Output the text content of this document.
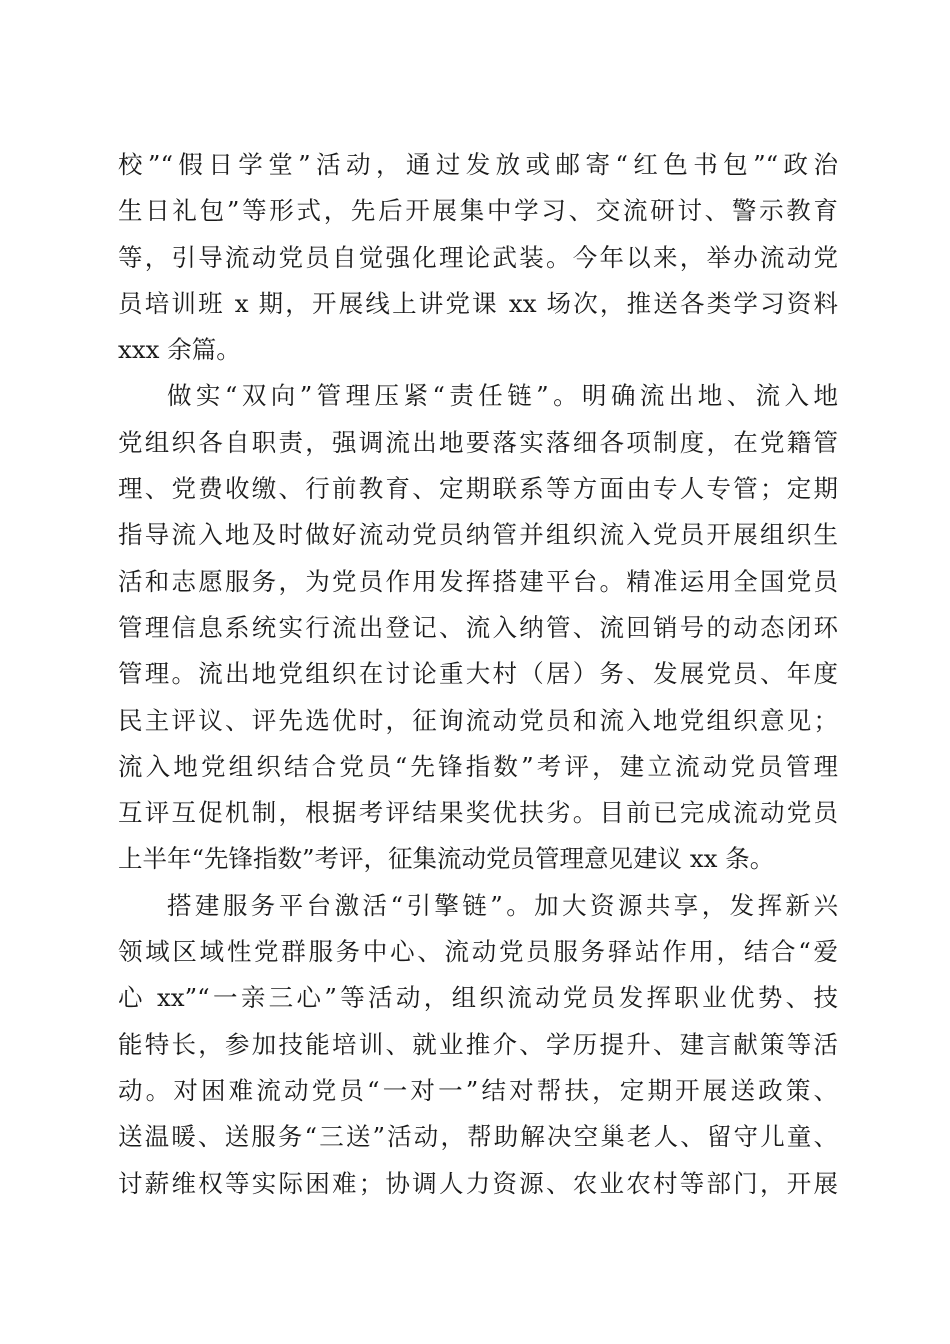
校”“假日学堂”活动，通过发放或邮寄“红色书包”“政治
生日礼包”等形式，先后开展集中学习、交流研讨、警示教育
等，引导流动党员自觉强化理论武装。今年以来，举办流动党
员培训班 x 期，开展线上讲党课 xx 场次，推送各类学习资料
xxx 余篇。
做实“双向”管理压紧“责任链”。明确流出地、流入地
党组织各自职责，强调流出地要落实落细各项制度，在党籍管
理、党费收缴、行前教育、定期联系等方面由专人专管；定期
指导流入地及时做好流动党员纳管并组织流入党员开展组织生
活和志愿服务，为党员作用发挥搭建平台。精准运用全国党员
管理信息系统实行流出登记、流入纳管、流回销号的动态闭环
管理。流出地党组织在讨论重大村（居）务、发展党员、年度
民主评议、评先选优时，征询流动党员和流入地党组织意见；
流入地党组织结合党员“先锋指数”考评，建立流动党员管理
互评互促机制，根据考评结果奖优扶劣。目前已完成流动党员
上半年“先锋指数”考评，征集流动党员管理意见建议 xx 条。
搭建服务平台激活“引擎链”。加大资源共享，发挥新兴
领域区域性党群服务中心、流动党员服务驿站作用，结合“爱
心 xx”“一亲三心”等活动，组织流动党员发挥职业优势、技
能特长，参加技能培训、就业推介、学历提升、建言献策等活
动。对困难流动党员“一对一”结对帮扶，定期开展送政策、
送温暖、送服务“三送”活动，帮助解决空巢老人、留守儿童、
讨薪维权等实际困难；协调人力资源、农业农村等部门，开展
